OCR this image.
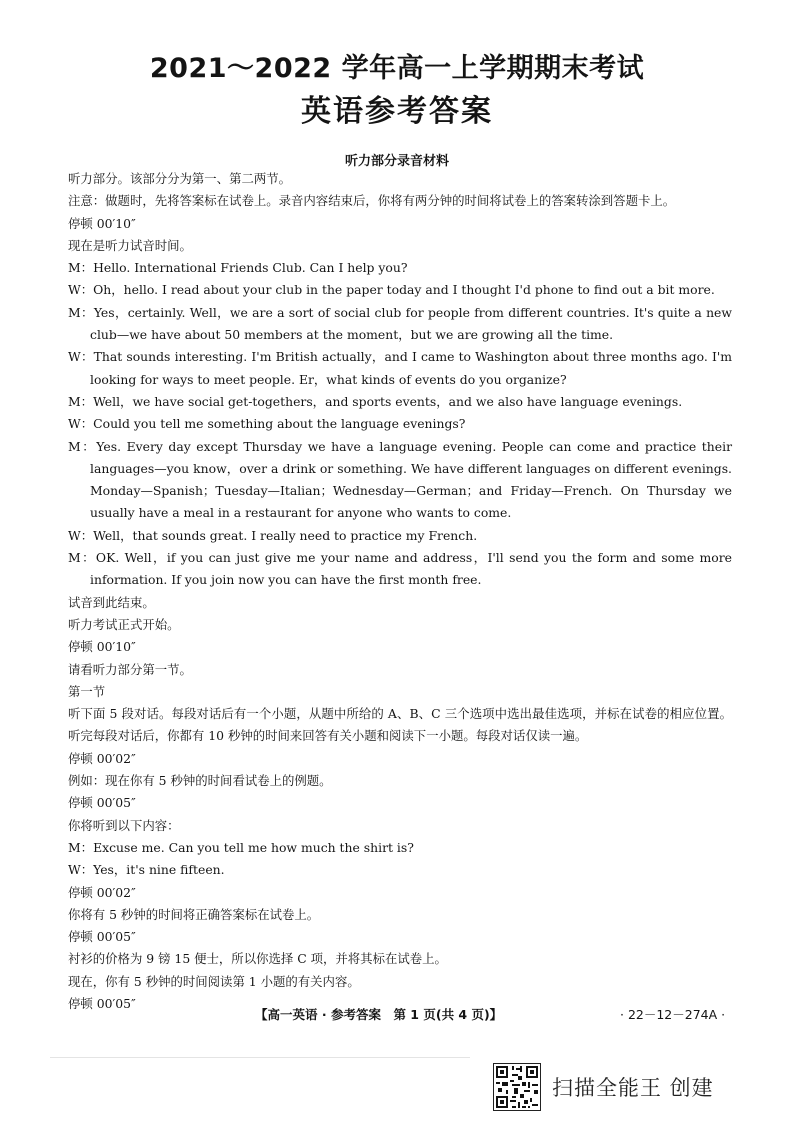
2021～2022 学年高一上学期期末考试
英语参考答案
听力部分录音材料

听力部分。该部分分为第一、第二两节。

注意：做题时，先将答案标在试卷上。录音内容结束后，你将有两分钟的时间将试卷上的答案转涂到答题卡上。

停顿 00′10″

现在是听力试音时间。

M：Hello. International Friends Club. Can I help you?

W：Oh，hello. I read about your club in the paper today and I thought I'd phone to find out a bit more.

M：Yes，certainly. Well，we are a sort of social club for people from different countries. It's quite a new club—we have about 50 members at the moment，but we are growing all the time.

W：That sounds interesting. I'm British actually，and I came to Washington about three months ago. I'm looking for ways to meet people. Er，what kinds of events do you organize?

M：Well，we have social get-togethers，and sports events，and we also have language evenings.

W：Could you tell me something about the language evenings?

M：Yes. Every day except Thursday we have a language evening. People can come and practice their languages—you know，over a drink or something. We have different languages on different evenings. Monday—Spanish；Tuesday—Italian；Wednesday—German；and Friday—French. On Thursday we usually have a meal in a restaurant for anyone who wants to come.

W：Well，that sounds great. I really need to practice my French.

M：OK. Well，if you can just give me your name and address，I'll send you the form and some more information. If you join now you can have the first month free.

试音到此结束。

听力考试正式开始。

停顿 00′10″

请看听力部分第一节。

第一节

听下面 5 段对话。每段对话后有一个小题，从题中所给的 A、B、C 三个选项中选出最佳选项，并标在试卷的相应位置。听完每段对话后，你都有 10 秒钟的时间来回答有关小题和阅读下一小题。每段对话仅读一遍。

停顿 00′02″

例如：现在你有 5 秒钟的时间看试卷上的例题。

停顿 00′05″

你将听到以下内容：

M：Excuse me. Can you tell me how much the shirt is?

W：Yes，it's nine fifteen.

停顿 00′02″

你将有 5 秒钟的时间将正确答案标在试卷上。

停顿 00′05″

衬衫的价格为 9 镑 15 便士，所以你选择 C 项，并将其标在试卷上。

现在，你有 5 秒钟的时间阅读第 1 小题的有关内容。

停顿 00′05″

【高一英语 · 参考答案　第 1 页(共 4 页)】	· 22－12－274A ·
扫描全能王 创建
